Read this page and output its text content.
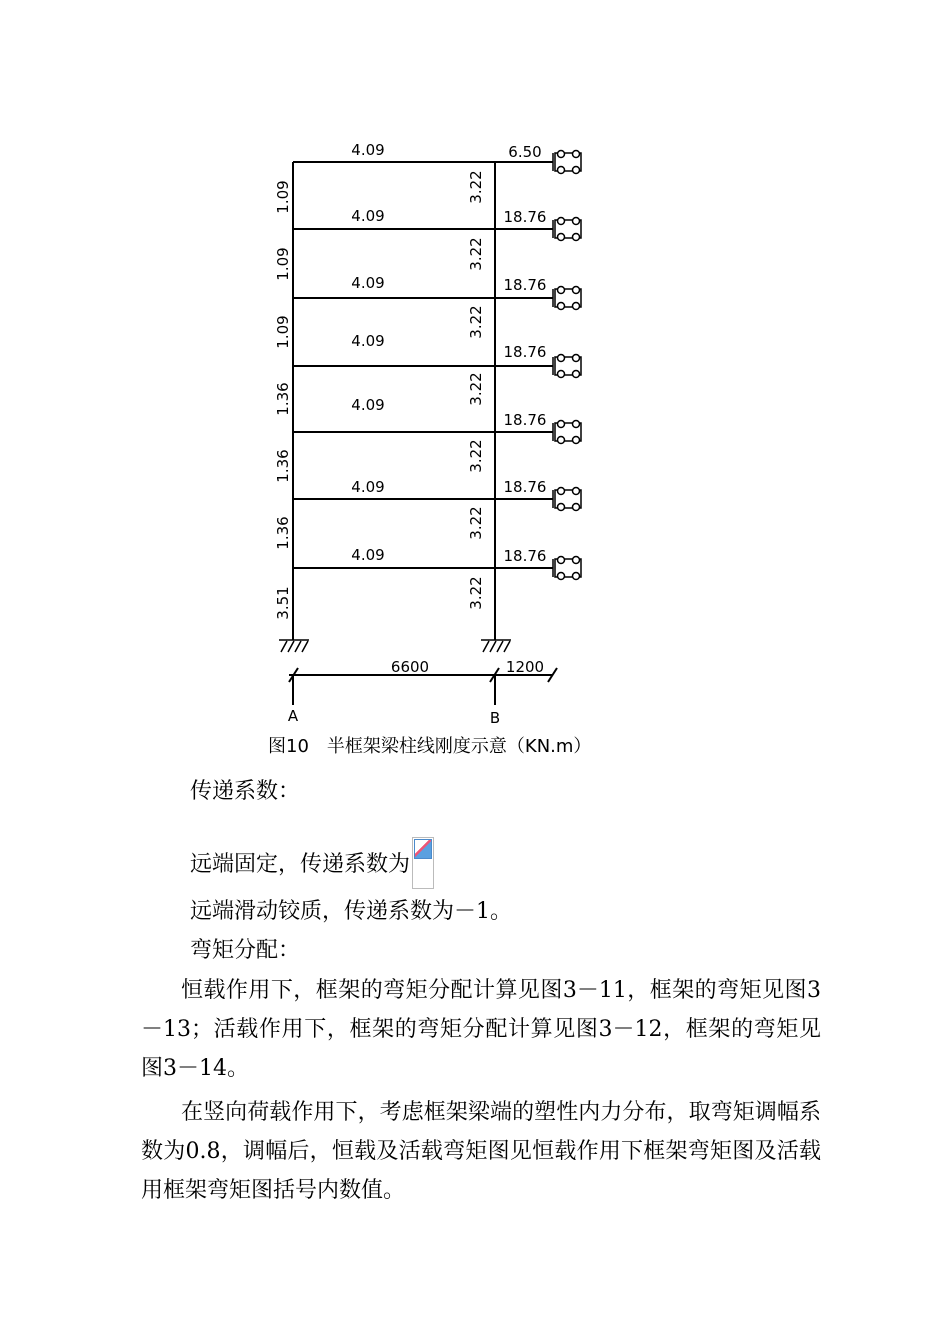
4.09	6.50
1.09	3.22
4.09	18.76
1.09	3.22
4.09	18.76
1.09	3.22
4.09
18.76
1.36	3.22
4.09
18.76
1.36	3.22
4.09	18.76
1.36	3.22
4.09	18.76
3.51	3.22
6600	1200
A	B
图10　半框架梁柱线刚度示意（KN.m）
传递系数：
远端固定，传递系数为
远端滑动铰质，传递系数为－1。
弯矩分配：
恒载作用下，框架的弯矩分配计算见图3－11，框架的弯矩见图3－13；活载作用下，框架的弯矩分配计算见图3－12，框架的弯矩见图3－14。
在竖向荷载作用下，考虑框架梁端的塑性内力分布，取弯矩调幅系数为0.8，调幅后，恒载及活载弯矩图见恒载作用下框架弯矩图及活载用框架弯矩图括号内数值。
